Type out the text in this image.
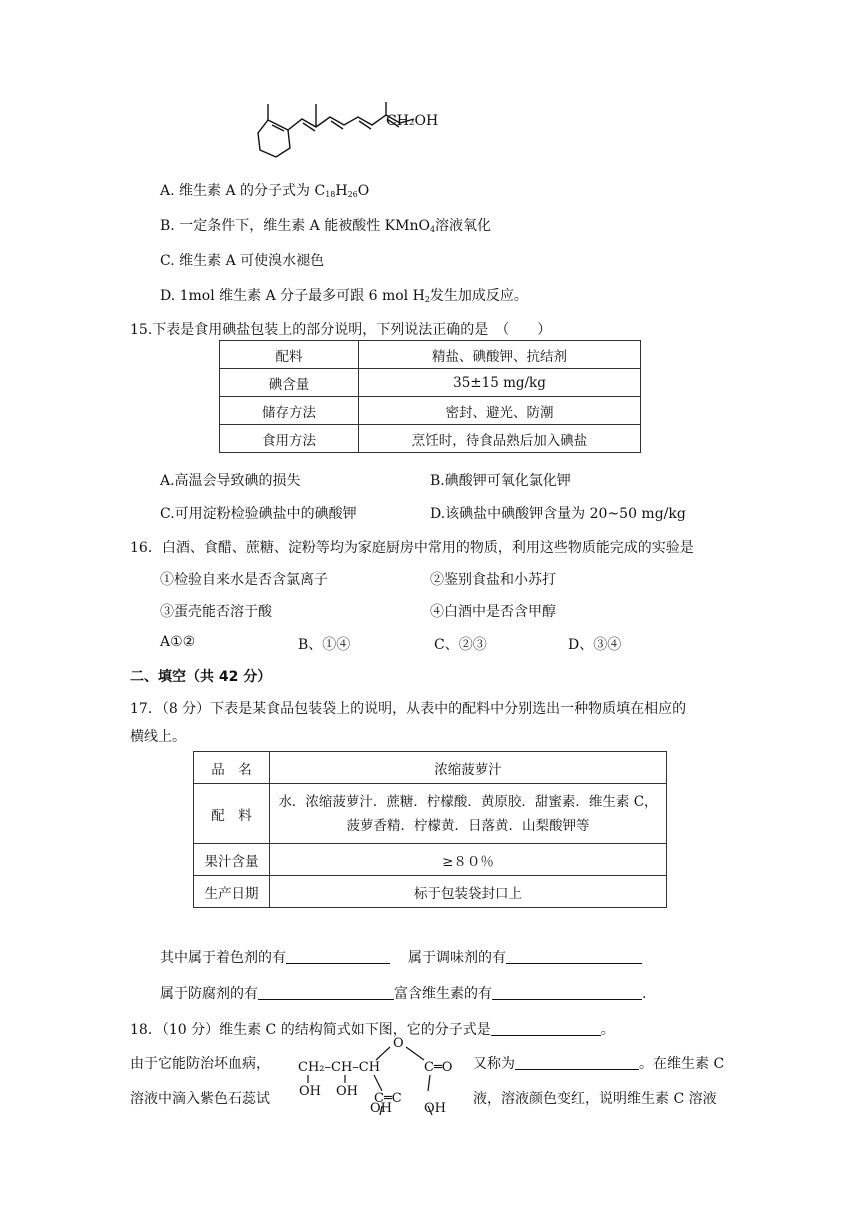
CH₂OH
A. 维生素 A 的分子式为 $C_{18}H_{26}O$
B. 一定条件下，维生素 A 能被酸性 KMnO$_4$溶液氧化
C. 维生素 A 可使溴水褪色
D. 1mol 维生素 A 分子最多可跟 6 mol $H_2$发生加成反应。
15.下表是食用碘盐包装上的部分说明，下列说法正确的是　（　　）
配料	精盐、碘酸钾、抗结剂
碘含量	35±15 mg/kg
储存方法	密封、避光、防潮
食用方法	烹饪时，待食品熟后加入碘盐
A.高温会导致碘的损失	B.碘酸钾可氧化氯化钾
C.可用淀粉检验碘盐中的碘酸钾	D.该碘盐中碘酸钾含量为 20~50 mg/kg
16．白酒、食醋、蔗糖、淀粉等均为家庭厨房中常用的物质，利用这些物质能完成的实验是
①检验自来水是否含氯离子	②鉴别食盐和小苏打
③蛋壳能否溶于酸	④白酒中是否含甲醇
A①②	B、①④	C、②③	D、③④
二、填空（共 42 分）
17．（8 分）下表是某食品包装袋上的说明，从表中的配料中分别选出一种物质填在相应的
横线上。
品　名	浓缩菠萝汁
配　料	水．浓缩菠萝汁．蔗糖．柠檬酸．黄原胶．甜蜜素．维生素 C，
菠萝香精．柠檬黄．日落黄．山梨酸钾等

果汁含量	≥８０％
生产日期	标于包装袋封口上
其中属于着色剂的有	属于调味剂的有
属于防腐剂的有	富含维生素的有	.
18．（10 分）维生素 C 的结构简式如下图，它的分子式是	。
由于它能防治坏血病，	又称为	。在维生素 C
溶液中滴入紫色石蕊试	液，溶液颜色变红，说明维生素 C 溶液
O
CH₂–CH–CH	C═O
OH OH C═C
OH OH
